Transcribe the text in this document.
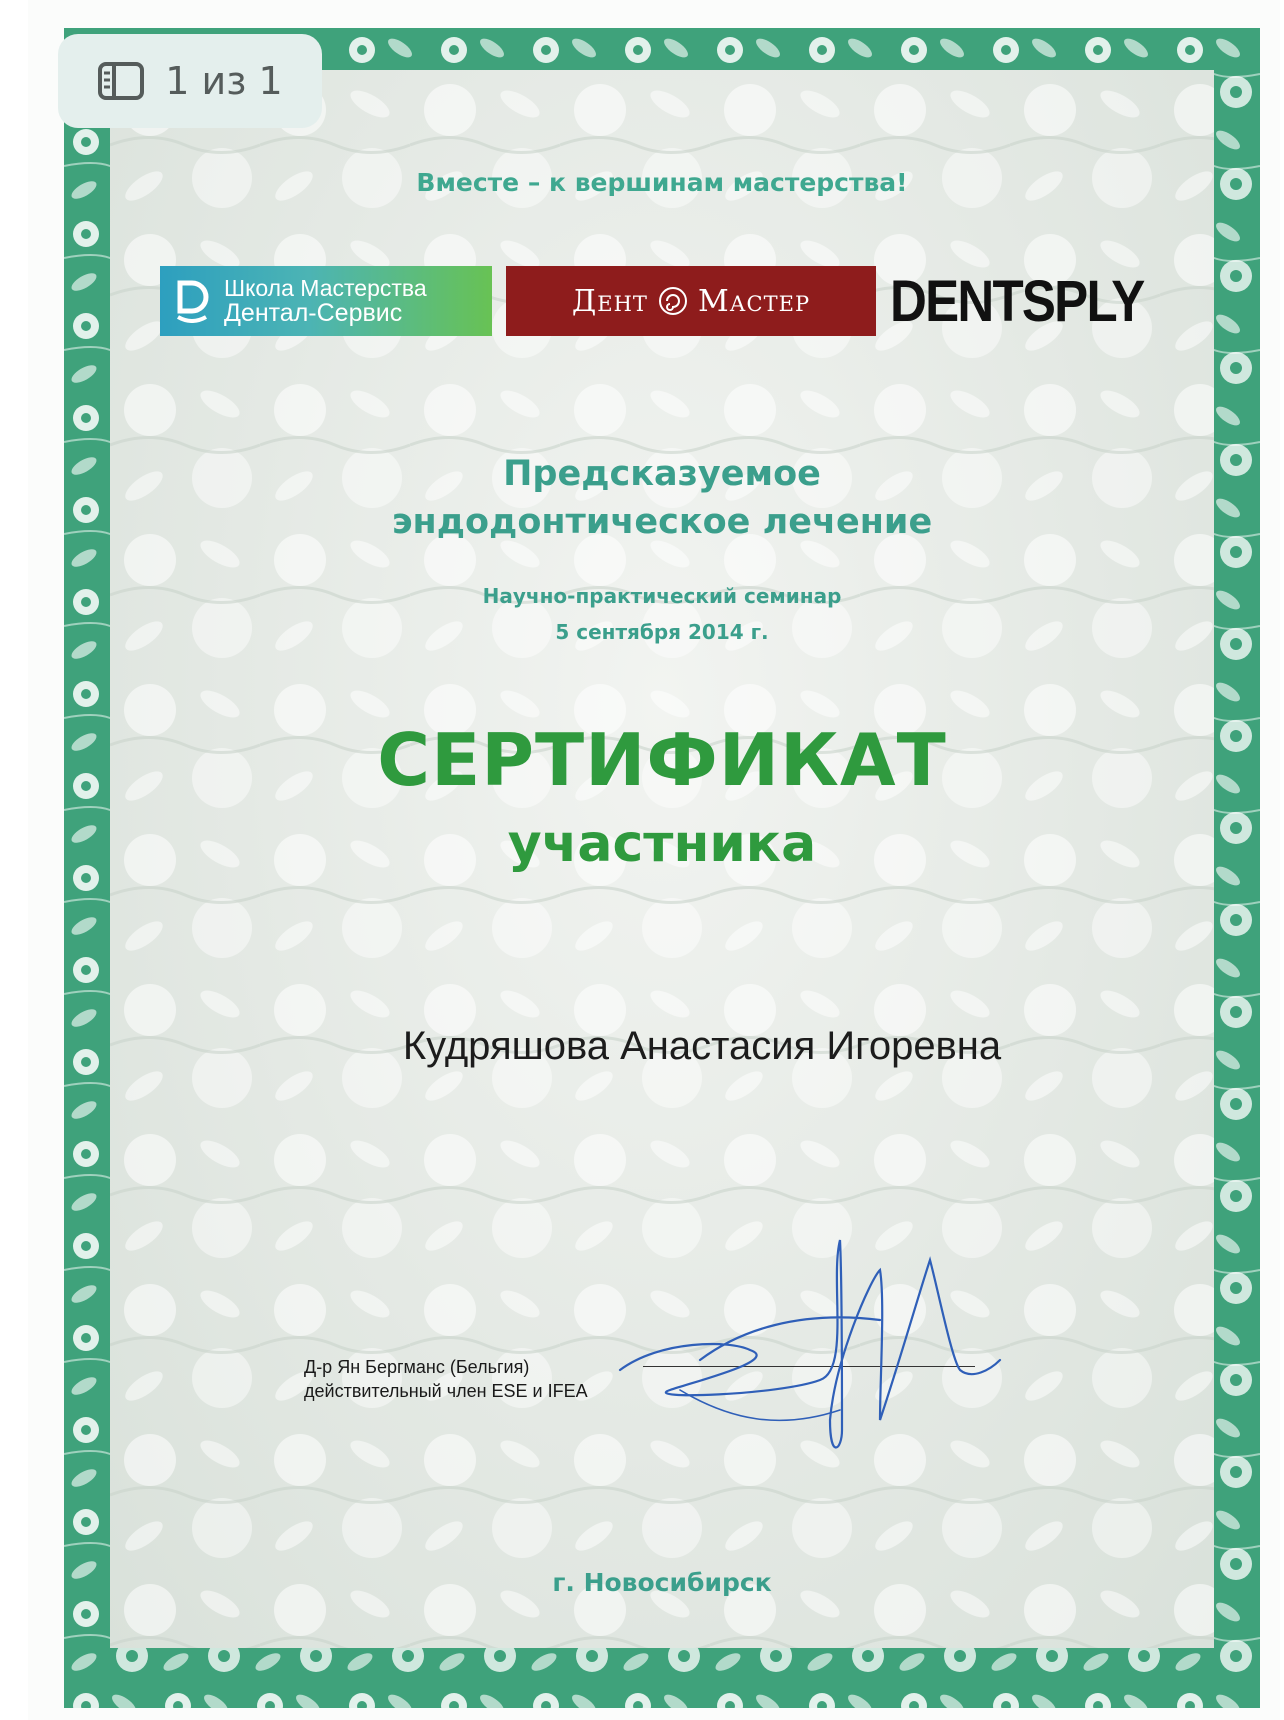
1 из 1
Вместе – к вершинам мастерства!
Школа Мастерства
Дентал-Сервис	Дент Мастер DENTSPLY
Предсказуемое
эндодонтическое лечение
Научно-практический семинар
5 сентября 2014 г.
СЕРТИФИКАТ
участника
Кудряшова Анастасия Игоревна
Д-р Ян Бергманс (Бельгия)
действительный член ESE и IFEA
г. Новосибирск
